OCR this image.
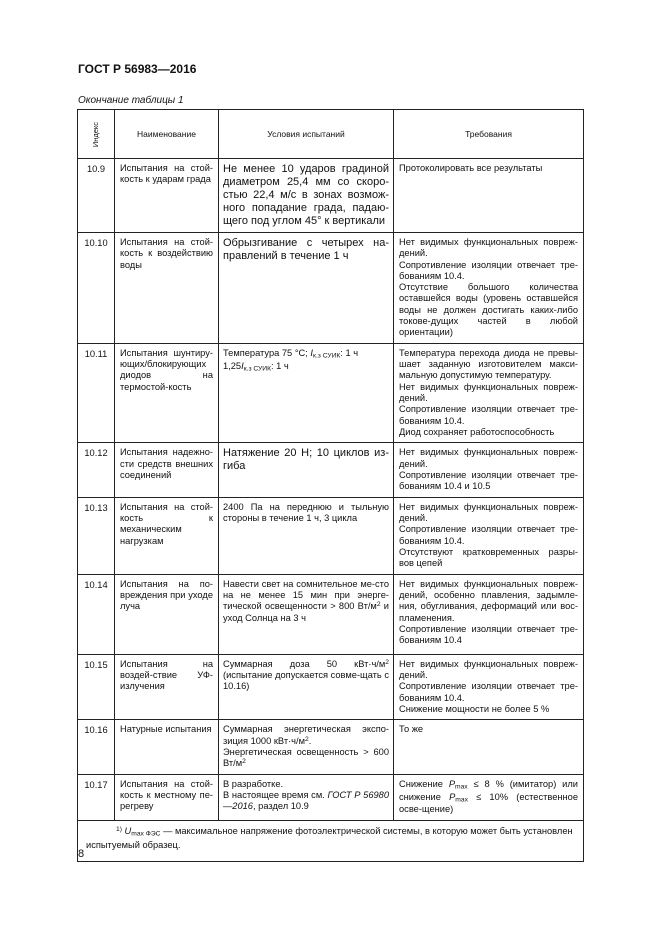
ГОСТ Р 56983—2016
Окончание таблицы 1
Индекс	Наименование	Условия испытаний	Требования
10.9	Испытания на стой-кость к ударам града	Не менее 10 ударов градиной диаметром 25,4 мм со скоро-стью 22,4 м/с в зонах возмож-ного попадание града, падаю-щего под углом 45° к вертикали	Протоколировать все результаты

10.10	Испытания на стой-кость к воздействию воды	Обрызгивание с четырех на-правлений в течение 1 ч	Нет видимых функциональных повреж-дений.
Сопротивление изоляции отвечает тре-бованиям 10.4.
Отсутствие большого количества оставшейся воды (уровень оставшейся воды не должен достигать каких-либо токове-дущих частей в любой ориентации)

10.11	Испытания шунтиру-ющих/блокирующих диодов на термостой-кость	Температура 75 °С; $I_{к.з СУИК}$: 1 ч
$1,25I_{к.з СУИК}$: 1 ч	Температура перехода диода не превы-шает заданную изготовителем макси-мальную допустимую температуру.
Нет видимых функциональных повреж-дений.
Сопротивление изоляции отвечает тре-бованиям 10.4.
Диод сохраняет работоспособность

10.12	Испытания надежно-сти средств внешних соединений	Натяжение 20 Н; 10 циклов из-гиба	Нет видимых функциональных повреж-дений.
Сопротивление изоляции отвечает тре-бованиям 10.4 и 10.5

10.13	Испытания на стой-кость к механическим нагрузкам	2400 Па на переднюю и тыльную стороны в течение 1 ч, 3 цикла	Нет видимых функциональных повреж-дений.
Сопротивление изоляции отвечает тре-бованиям 10.4.
Отсутствуют кратковременных разры-вов цепей

10.14	Испытания на по-вреждения при уходе луча	Навести свет на сомнительное ме-сто на не менее 15 мин при энерге-тической освещенности > 800 $Вт/м^2$ и уход Солнца на 3 ч	Нет видимых функциональных повреж-дений, особенно плавления, задымле-ния, обугливания, деформаций или вос-пламенения.
Сопротивление изоляции отвечает тре-бованиям 10.4

10.15	Испытания на воздей-ствие УФ-излучения	Суммарная доза 50 $кВт\cdot ч/м^2$ (испытание допускается совме-щать с 10.16)	Нет видимых функциональных повреж-дений.
Сопротивление изоляции отвечает тре-бованиям 10.4.
Снижение мощности не более 5 %

10.16	Натурные испытания	Суммарная энергетическая экспо-зиция 1000 $кВт\cdot ч/м^2$.
Энергетическая освещенность > 600 $Вт/м^2$	То же

10.17	Испытания на стой-кость к местному пе-регреву	В разработке.
В настоящее время см. ГОСТ Р 56980—2016, раздел 10.9	Снижение $P_{max} \le 8$ % (имитатор) или снижение $P_{max} \le 10\%$ (естественное осве-щение)

$^{1)}$ $U_{max ФЭС}$ — максимальное напряжение фотоэлектрической системы, в которую может быть установлен испытуемый образец.			
8
